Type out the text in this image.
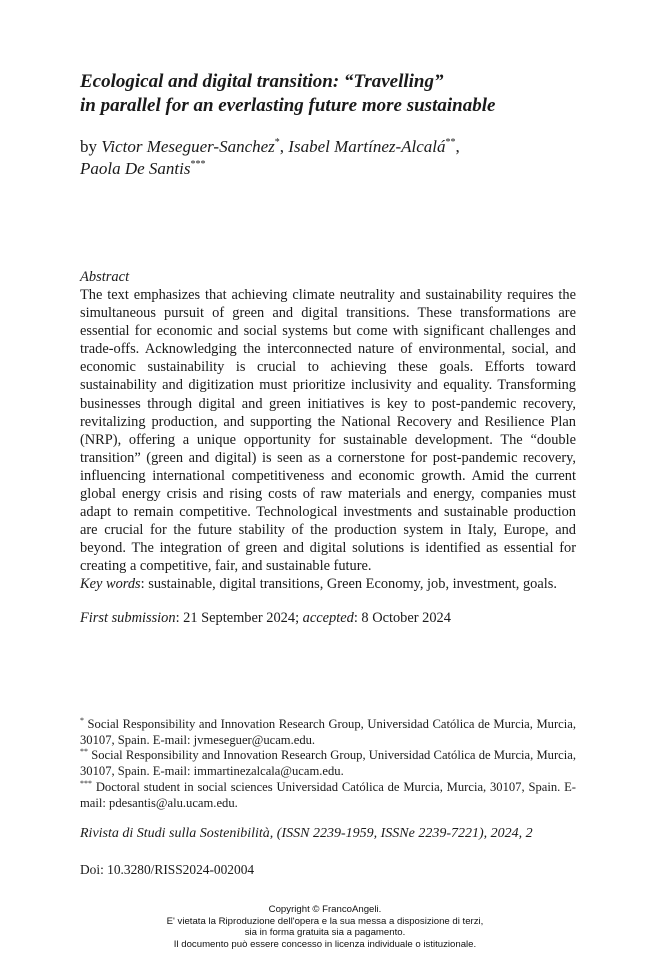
Ecological and digital transition: “Travelling”
in parallel for an everlasting future more sustainable
by Victor Meseguer-Sanchez*, Isabel Martínez-Alcalá**,
Paola De Santis***
Abstract

The text emphasizes that achieving climate neutrality and sustainability requires the simultaneous pursuit of green and digital transitions. These transformations are essential for economic and social systems but come with significant challenges and trade-offs. Acknowledging the interconnected nature of environmental, social, and economic sustainability is crucial to achieving these goals. Efforts toward sustainability and digitization must prioritize inclusivity and equality. Transforming businesses through digital and green initiatives is key to post-pandemic recovery, revitalizing production, and supporting the National Recovery and Resilience Plan (NRP), offering a unique opportunity for sustainable development. The “double transition” (green and digital) is seen as a cornerstone for post-pandemic recovery, influencing international competitiveness and economic growth. Amid the current global energy crisis and rising costs of raw materials and energy, companies must adapt to remain competitive. Technological investments and sustainable production are crucial for the future stability of the production system in Italy, Europe, and beyond. The integration of green and digital solutions is identified as essential for creating a competitive, fair, and sustainable future.

Key words: sustainable, digital transitions, Green Economy, job, investment, goals.
First submission: 21 September 2024; accepted: 8 October 2024

* Social Responsibility and Innovation Research Group, Universidad Católica de Murcia, Murcia, 30107, Spain. E-mail: jvmeseguer@ucam.edu.

** Social Responsibility and Innovation Research Group, Universidad Católica de Murcia, Murcia, 30107, Spain. E-mail: immartinezalcala@ucam.edu.

*** Doctoral student in social sciences Universidad Católica de Murcia, Murcia, 30107, Spain. E-mail: pdesantis@alu.ucam.edu.

Rivista di Studi sulla Sostenibilità, (ISSN 2239-1959, ISSNe 2239-7221), 2024, 2
Doi: 10.3280/RISS2024-002004
Copyright © FrancoAngeli.
E' vietata la Riproduzione dell'opera e la sua messa a disposizione di terzi,
sia in forma gratuita sia a pagamento.
Il documento può essere concesso in licenza individuale o istituzionale.
